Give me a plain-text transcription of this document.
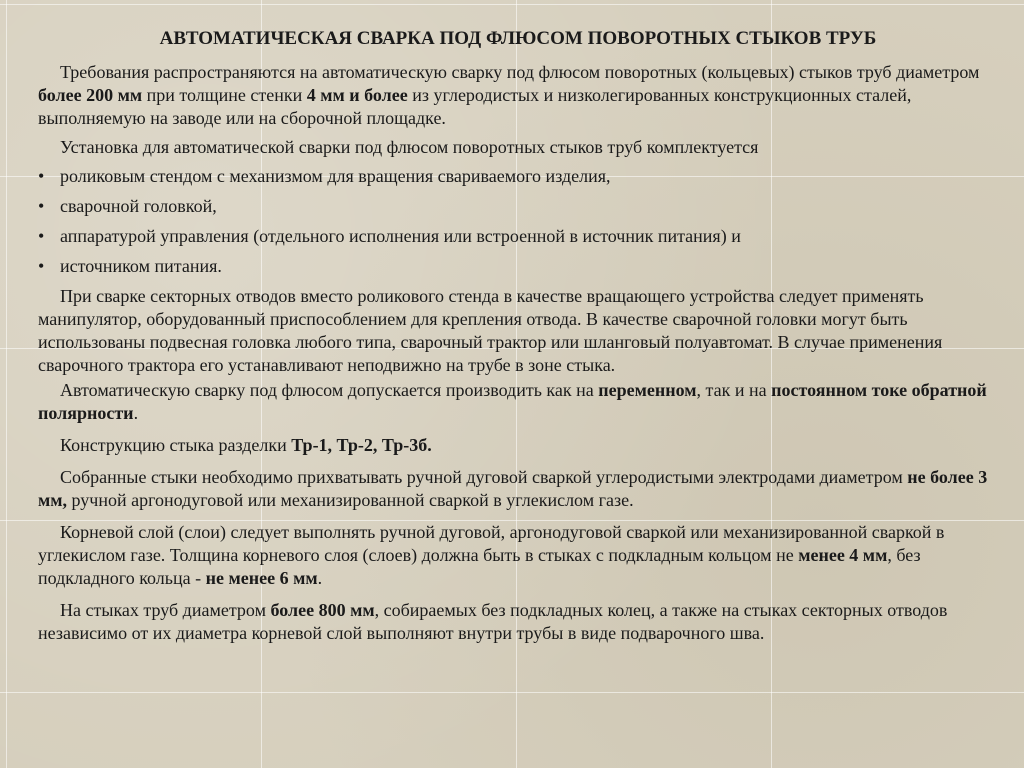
АВТОМАТИЧЕСКАЯ СВАРКА ПОД ФЛЮСОМ ПОВОРОТНЫХ СТЫКОВ ТРУБ
Требования распространяются на автоматическую сварку под флюсом поворотных (кольцевых) стыков труб диаметром более 200 мм при толщине стенки 4 мм и более из углеродистых и низколегированных конструкционных сталей, выполняемую на заводе или на сборочной площадке.
Установка для автоматической сварки под флюсом поворотных стыков труб комплектуется
• роликовым стендом с механизмом для вращения свариваемого изделия,
• сварочной головкой,
• аппаратурой управления (отдельного исполнения или встроенной в источник питания) и
• источником питания.
При сварке секторных отводов вместо роликового стенда в качестве вращающего устройства следует применять манипулятор, оборудованный приспособлением для крепления отвода. В качестве сварочной головки могут быть использованы подвесная головка любого типа, сварочный трактор или шланговый полуавтомат. В случае применения сварочного трактора его устанавливают неподвижно на трубе в зоне стыка.
Автоматическую сварку под флюсом допускается производить как на переменном, так и на постоянном токе обратной полярности.
Конструкцию стыка разделки Тр-1, Тр-2, Тр-3б.
Собранные стыки необходимо прихватывать ручной дуговой сваркой углеродистыми электродами диаметром не более 3 мм, ручной аргонодуговой или механизированной сваркой в углекислом газе.
Корневой слой (слои) следует выполнять ручной дуговой, аргонодуговой сваркой или механизированной сваркой в углекислом газе. Толщина корневого слоя (слоев) должна быть в стыках с подкладным кольцом не менее 4 мм, без подкладного кольца - не менее 6 мм.
На стыках труб диаметром более 800 мм, собираемых без подкладных колец, а также на стыках секторных отводов независимо от их диаметра корневой слой выполняют внутри трубы в виде подварочного шва.
